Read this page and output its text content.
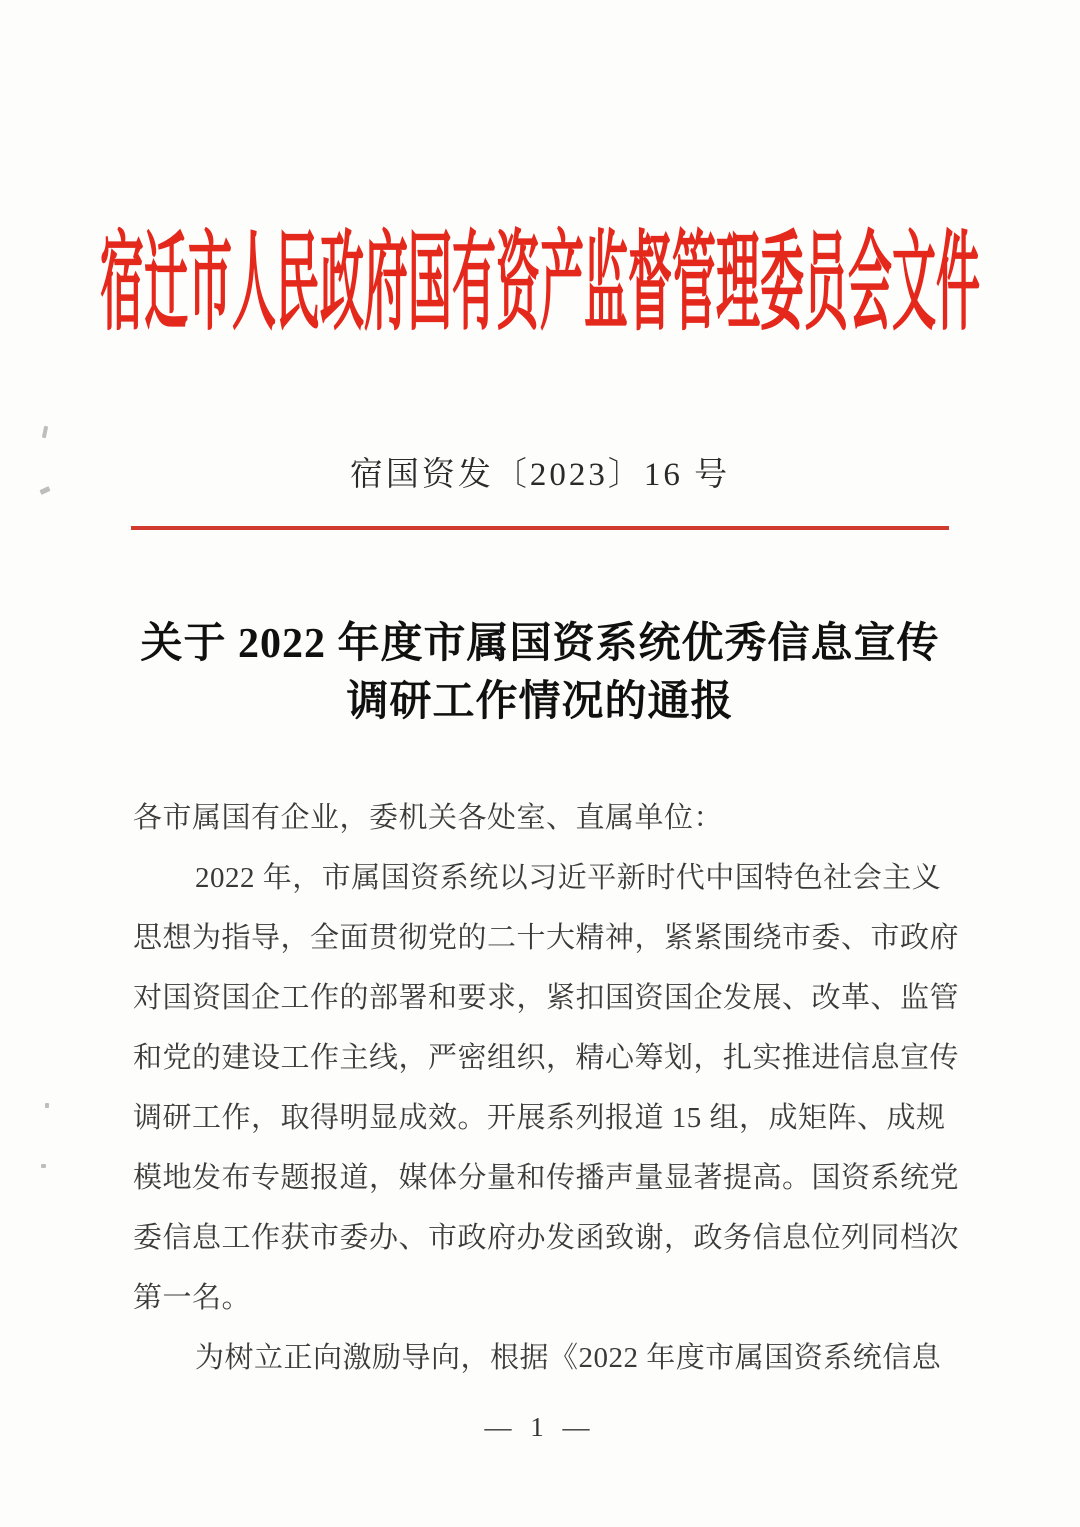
宿迁市人民政府国有资产监督管理委员会文件
宿国资发〔2023〕16 号
关于 2022 年度市属国资系统优秀信息宣传
调研工作情况的通报
各市属国有企业，委机关各处室、直属单位：
2022 年，市属国资系统以习近平新时代中国特色社会主义
思想为指导，全面贯彻党的二十大精神，紧紧围绕市委、市政府
对国资国企工作的部署和要求，紧扣国资国企发展、改革、监管
和党的建设工作主线，严密组织，精心筹划，扎实推进信息宣传
调研工作，取得明显成效。开展系列报道 15 组，成矩阵、成规
模地发布专题报道，媒体分量和传播声量显著提高。国资系统党
委信息工作获市委办、市政府办发函致谢，政务信息位列同档次
第一名。
为树立正向激励导向，根据《2022 年度市属国资系统信息
— 1 —
